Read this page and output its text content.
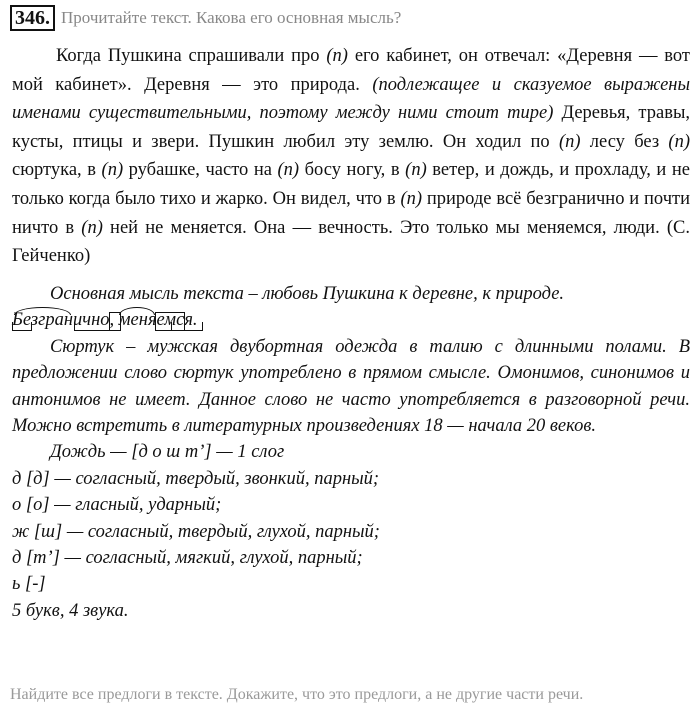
346. Прочитайте текст. Какова его основная мысль?

Когда Пушкина спрашивали про (п) его кабинет, он отвечал: «Деревня — вот мой кабинет». Деревня — это природа. (подлежащее и сказуемое выражены именами существительными, поэтому между ними стоит тире) Деревья, травы, кусты, птицы и звери. Пушкин любил эту землю. Он ходил по (п) лесу без (п) сюртука, в (п) рубашке, часто на (п) босу ногу, в (п) ветер, и дождь, и прохладу, и не только когда было тихо и жарко. Он видел, что в (п) природе всё безгранично и почти ничто в (п) ней не меняется. Она — вечность. Это только мы меняемся, люди. (С. Гейченко)

Основная мысль текста – любовь Пушкина к деревне, к природе.
Безгранично,
меняемся.
Сюртук – мужская двубортная одежда в талию с длинными полами. В предложении слово сюртук употреблено в прямом смысле. Омонимов, синонимов и антонимов не имеет. Данное слово не часто употребляется в разговорной речи. Можно встретить в литературных произведениях 18 — начала 20 веков.
Дождь — [д о ш т’] — 1 слог
д [д] — согласный, твердый, звонкий, парный;
о [о] — гласный, ударный;
ж [ш] — согласный, твердый, глухой, парный;
д [т’] — согласный, мягкий, глухой, парный;
ь [-]
5 букв, 4 звука.
Найдите все предлоги в тексте. Докажите, что это предлоги, а не другие части речи.
